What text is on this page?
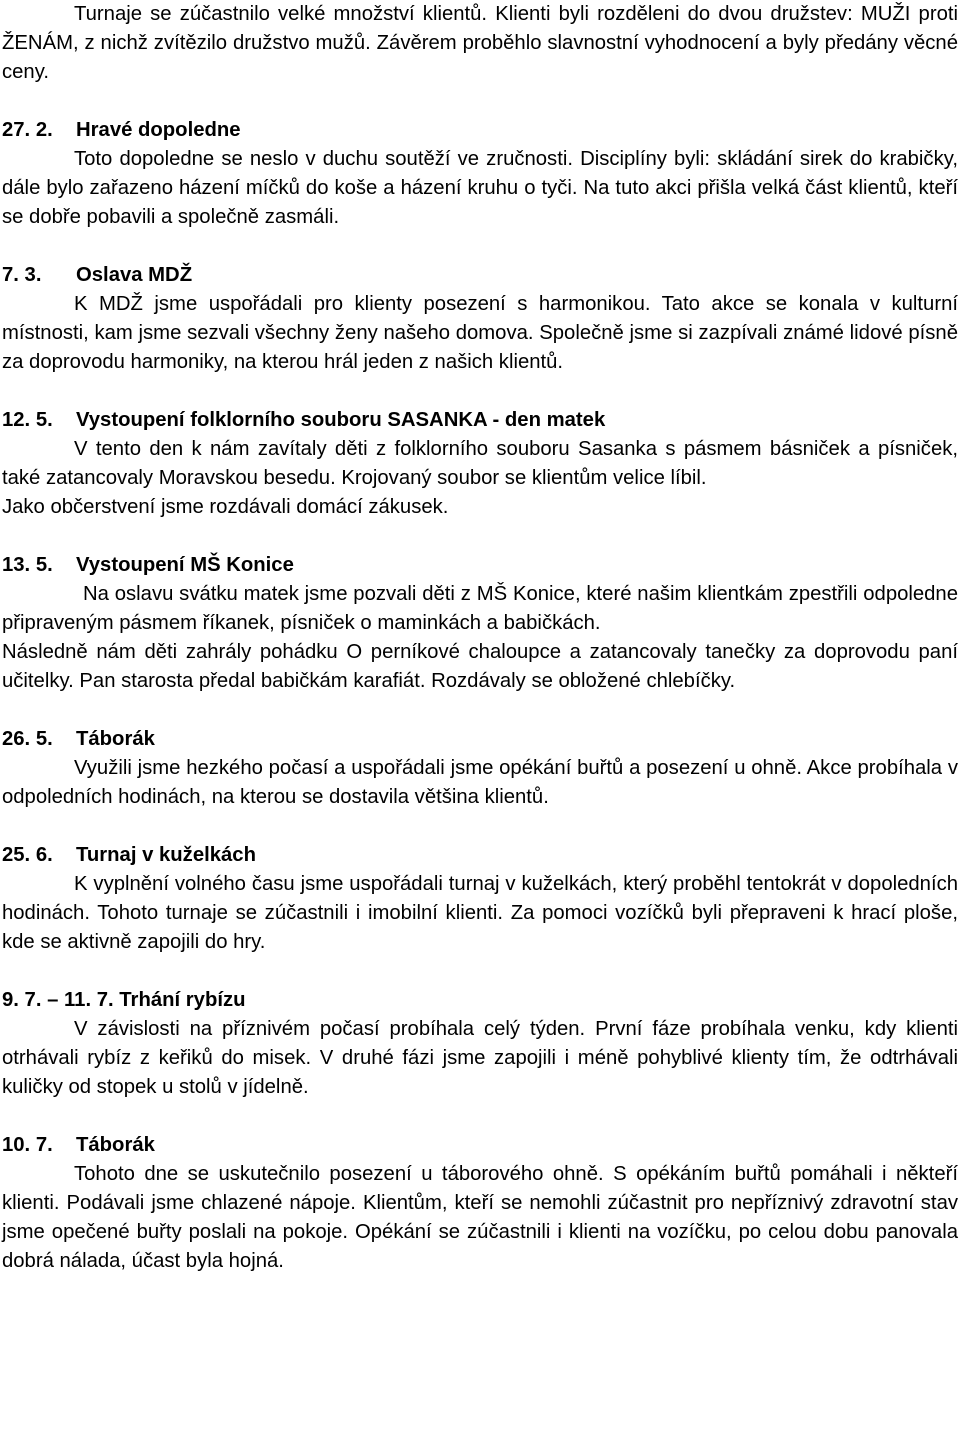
Turnaje se zúčastnilo velké množství klientů. Klienti byli rozděleni do dvou družstev: MUŽI proti ŽENÁM, z nichž zvítězilo družstvo mužů. Závěrem proběhlo slavnostní vyhodnocení a byly předány věcné ceny.

27. 2. Hravé dopoledne

Toto dopoledne se neslo v duchu soutěží ve zručnosti. Disciplíny byli: skládání sirek do krabičky, dále bylo zařazeno házení míčků do koše a házení kruhu o tyči. Na tuto akci přišla velká část klientů, kteří se dobře pobavili a společně zasmáli.

7. 3. Oslava MDŽ

K MDŽ jsme uspořádali pro klienty posezení s harmonikou. Tato akce se konala v kulturní místnosti, kam jsme sezvali všechny ženy našeho domova. Společně jsme si zazpívali známé lidové písně za doprovodu harmoniky, na kterou hrál jeden z našich klientů.

12. 5. Vystoupení folklorního souboru SASANKA - den matek

V tento den k nám zavítaly děti z folklorního souboru Sasanka s pásmem básniček a písniček, také zatancovaly Moravskou besedu. Krojovaný soubor se klientům velice líbil.

Jako občerstvení jsme rozdávali domácí zákusek.

13. 5. Vystoupení MŠ Konice

Na oslavu svátku matek jsme pozvali děti z MŠ Konice, které našim klientkám zpestřili odpoledne připraveným pásmem říkanek, písniček o maminkách a babičkách.

Následně nám děti zahrály pohádku O perníkové chaloupce a zatancovaly tanečky za doprovodu paní učitelky. Pan starosta předal babičkám karafiát. Rozdávaly se obložené chlebíčky.

26. 5. Táborák

Využili jsme hezkého počasí a uspořádali jsme opékání buřtů a posezení u ohně. Akce probíhala v odpoledních hodinách, na kterou se dostavila většina klientů.

25. 6. Turnaj v kuželkách

K vyplnění volného času jsme uspořádali turnaj v kuželkách, který proběhl tentokrát v dopoledních hodinách. Tohoto turnaje se zúčastnili i imobilní klienti. Za pomoci vozíčků byli přepraveni k hrací ploše, kde se aktivně zapojili do hry.

9. 7. – 11. 7. Trhání rybízu

V závislosti na příznivém počasí probíhala celý týden. První fáze probíhala venku, kdy klienti otrhávali rybíz z keřiků do misek. V druhé fázi jsme zapojili i méně pohyblivé klienty tím, že odtrhávali kuličky od stopek u stolů v jídelně.

10. 7. Táborák

Tohoto dne se uskutečnilo posezení u táborového ohně. S opékáním buřtů pomáhali i někteří klienti. Podávali jsme chlazené nápoje. Klientům, kteří se nemohli zúčastnit pro nepříznivý zdravotní stav jsme opečené buřty poslali na pokoje. Opékání se zúčastnili i klienti na vozíčku, po celou dobu panovala dobrá nálada, účast byla hojná.
